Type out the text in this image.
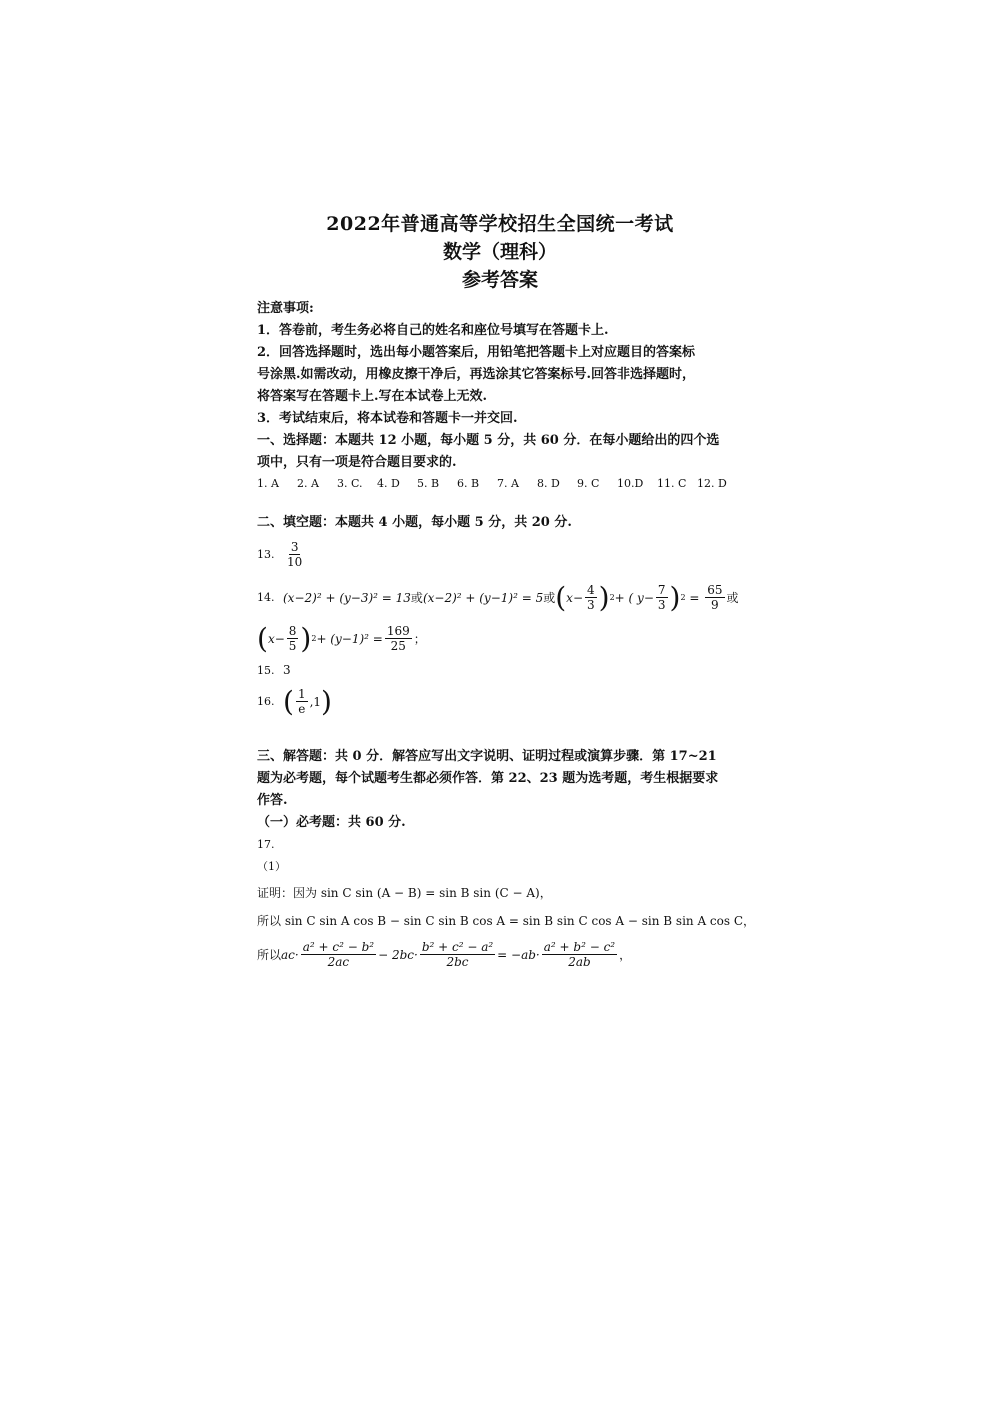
2022年普通高等学校招生全国统一考试
数学（理科）
参考答案
注意事项:
1．答卷前，考生务必将自己的姓名和座位号填写在答题卡上.
2．回答选择题时，选出每小题答案后，用铅笔把答题卡上对应题目的答案标
号涂黑.如需改动，用橡皮擦干净后，再选涂其它答案标号.回答非选择题时，
将答案写在答题卡上.写在本试卷上无效.
3．考试结束后，将本试卷和答题卡一并交回.
一、选择题：本题共 12 小题，每小题 5 分，共 60 分．在每小题给出的四个选
项中，只有一项是符合题目要求的.
1. A	2. A	3. C.	4. D	5. B	6. B	7. A	8. D	9. C	10.D	11. C 12. D
二、填空题：本题共 4 小题，每小题 5 分，共 20 分.
13. $\frac{3}{10}$
14. (x−2)² + (y−3)² = 13 或 (x−2)² + (y−1)² = 5 或 ( $x- \frac{4}{3}$ ) 2 + ( $y- \frac{7}{3}$ ) $2 = \frac{65}{9}$ 或
( $x- \frac{8}{5}$ ) $2 + (y-1)^2 = \frac{169}{25}$ ；
15. 3
16. ( $\frac{1}{e} ,1$ )
三、解答题：共 0 分．解答应写出文字说明、证明过程或演算步骤．第 17~21
题为必考题，每个试题考生都必须作答．第 22、23 题为选考题，考生根据要求
作答.
（一）必考题：共 60 分.
17.
（1）
证明：因为 sin C sin (A − B) = sin B sin (C − A)，
所以 sin C sin A cos B − sin C sin B cos A = sin B sin C cos A − sin B sin A cos C，
所以 $ac\cdot \frac{\text{a² + c² − b²}}{2ac} - 2bc\cdot \frac{\text{b² + c² − a²}}{2bc} = -ab\cdot \frac{\text{a² + b² − c²}}{2ab}$ ，
